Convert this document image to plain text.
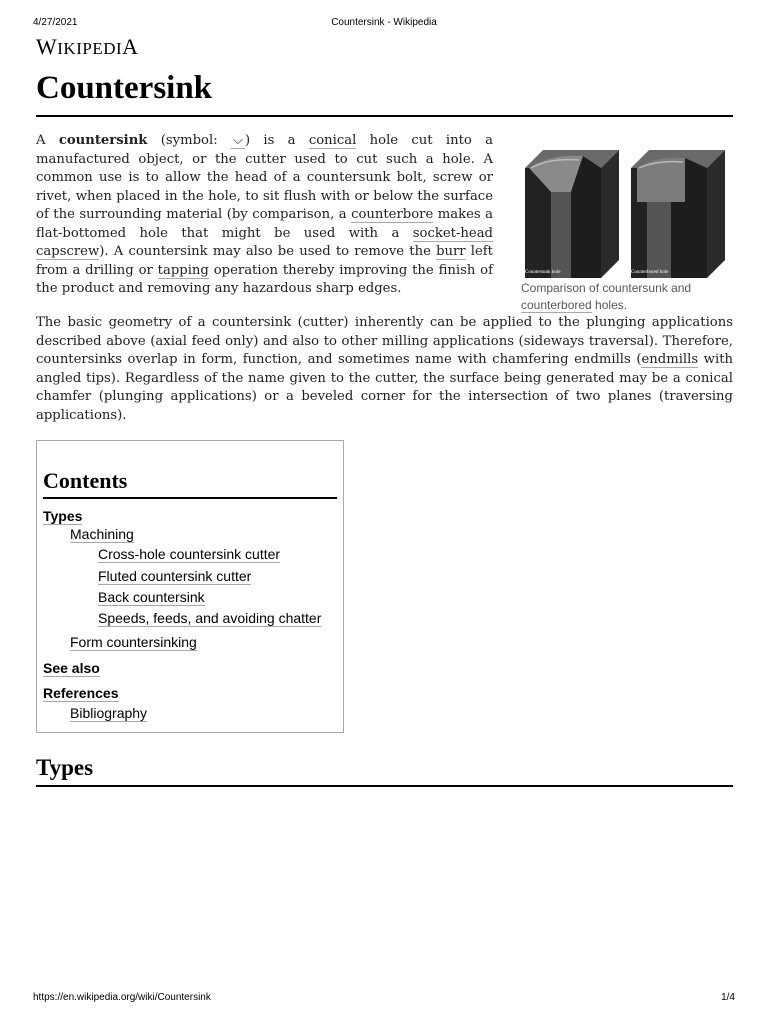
4/27/2021	Countersink - Wikipedia
WIKIPEDIA
Countersink

A countersink (symbol: ⌵ ) is a conical hole cut into a manufactured object, or the cutter used to cut such a hole. A common use is to allow the head of a countersunk bolt, screw or rivet, when placed in the hole, to sit flush with or below the surface of the surrounding material (by comparison, a counterbore makes a flat-bottomed hole that might be used with a socket-head capscrew). A countersink may also be used to remove the burr left from a drilling or tapping operation thereby improving the finish of the product and removing any hazardous sharp edges.

Countersunk hole	Counterbored hole
Comparison of countersunk and counterbored holes.

The basic geometry of a countersink (cutter) inherently can be applied to the plunging applications described above (axial feed only) and also to other milling applications (sideways traversal). Therefore, countersinks overlap in form, function, and sometimes name with chamfering endmills (endmills with angled tips). Regardless of the name given to the cutter, the surface being generated may be a conical chamfer (plunging applications) or a beveled corner for the intersection of two planes (traversing applications).

Contents
Types
Machining
Cross-hole countersink cutter
Fluted countersink cutter
Back countersink
Speeds, feeds, and avoiding chatter
Form countersinking
See also
References
Bibliography
Types
https://en.wikipedia.org/wiki/Countersink	1/4
